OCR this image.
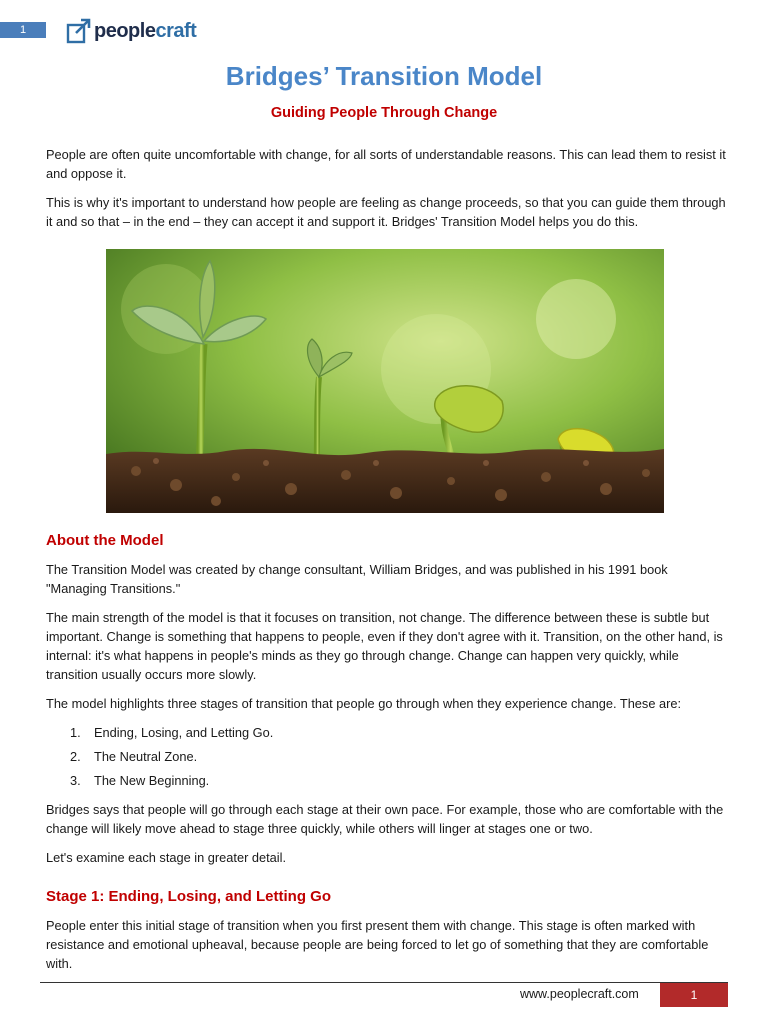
1	peoplecraft
Bridges’ Transition Model
Guiding People Through Change

People are often quite uncomfortable with change, for all sorts of understandable reasons. This can lead them to resist it and oppose it.

This is why it's important to understand how people are feeling as change proceeds, so that you can guide them through it and so that – in the end – they can accept it and support it. Bridges' Transition Model helps you do this.

About the Model

The Transition Model was created by change consultant, William Bridges, and was published in his 1991 book "Managing Transitions."

The main strength of the model is that it focuses on transition, not change. The difference between these is subtle but important. Change is something that happens to people, even if they don't agree with it. Transition, on the other hand, is internal: it's what happens in people's minds as they go through change. Change can happen very quickly, while transition usually occurs more slowly.

The model highlights three stages of transition that people go through when they experience change. These are:

1.	Ending, Losing, and Letting Go.
2.	The Neutral Zone.
3.	The New Beginning.

Bridges says that people will go through each stage at their own pace. For example, those who are comfortable with the change will likely move ahead to stage three quickly, while others will linger at stages one or two.

Let's examine each stage in greater detail.

Stage 1: Ending, Losing, and Letting Go

People enter this initial stage of transition when you first present them with change. This stage is often marked with resistance and emotional upheaval, because people are being forced to let go of something that they are comfortable with.

www.peoplecraft.com	1
